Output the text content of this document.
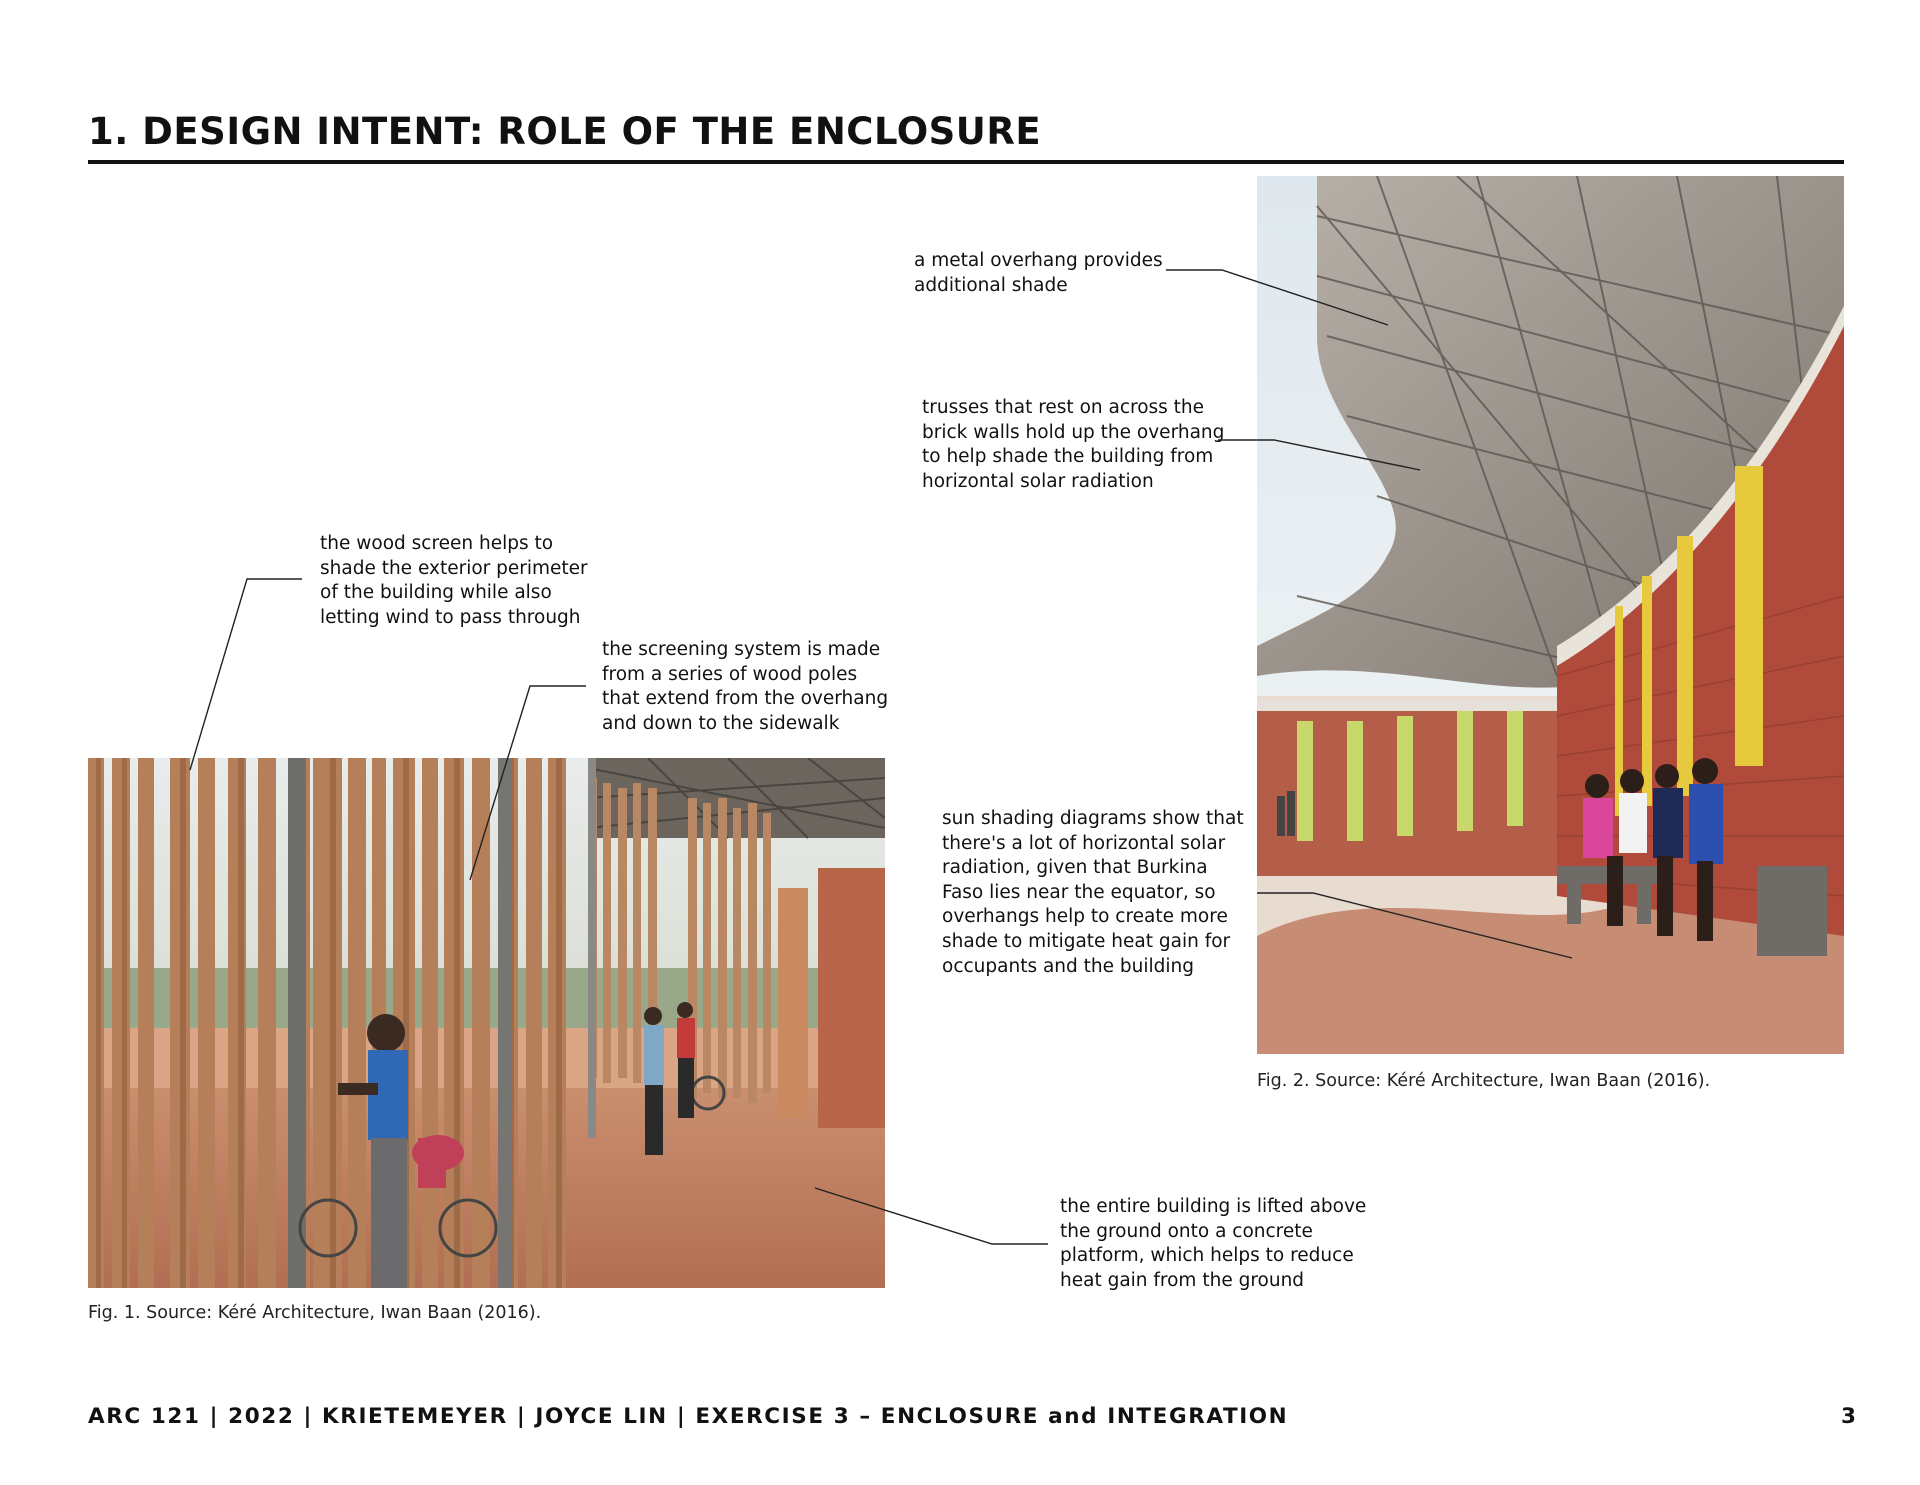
1. DESIGN INTENT: ROLE OF THE ENCLOSURE
Fig. 1. Source: Kéré Architecture, Iwan Baan (2016).
Fig. 2. Source: Kéré Architecture, Iwan Baan (2016).
the wood screen helps to
shade the exterior perimeter
of the building while also
letting wind to pass through
the screening system is made
from a series of wood poles
that extend from the overhang
and down to the sidewalk
a metal overhang provides
additional shade
trusses that rest on across the
brick walls hold up the overhang
to help shade the building from
horizontal solar radiation
sun shading diagrams show that
there's a lot of horizontal solar
radiation, given that Burkina
Faso lies near the equator, so
overhangs help to create more
shade to mitigate heat gain for
occupants and the building
the entire building is lifted above
the ground onto a concrete
platform, which helps to reduce
heat gain from the ground
ARC 121 | 2022 | KRIETEMEYER | JOYCE LIN | EXERCISE 3 – ENCLOSURE and INTEGRATION	3
